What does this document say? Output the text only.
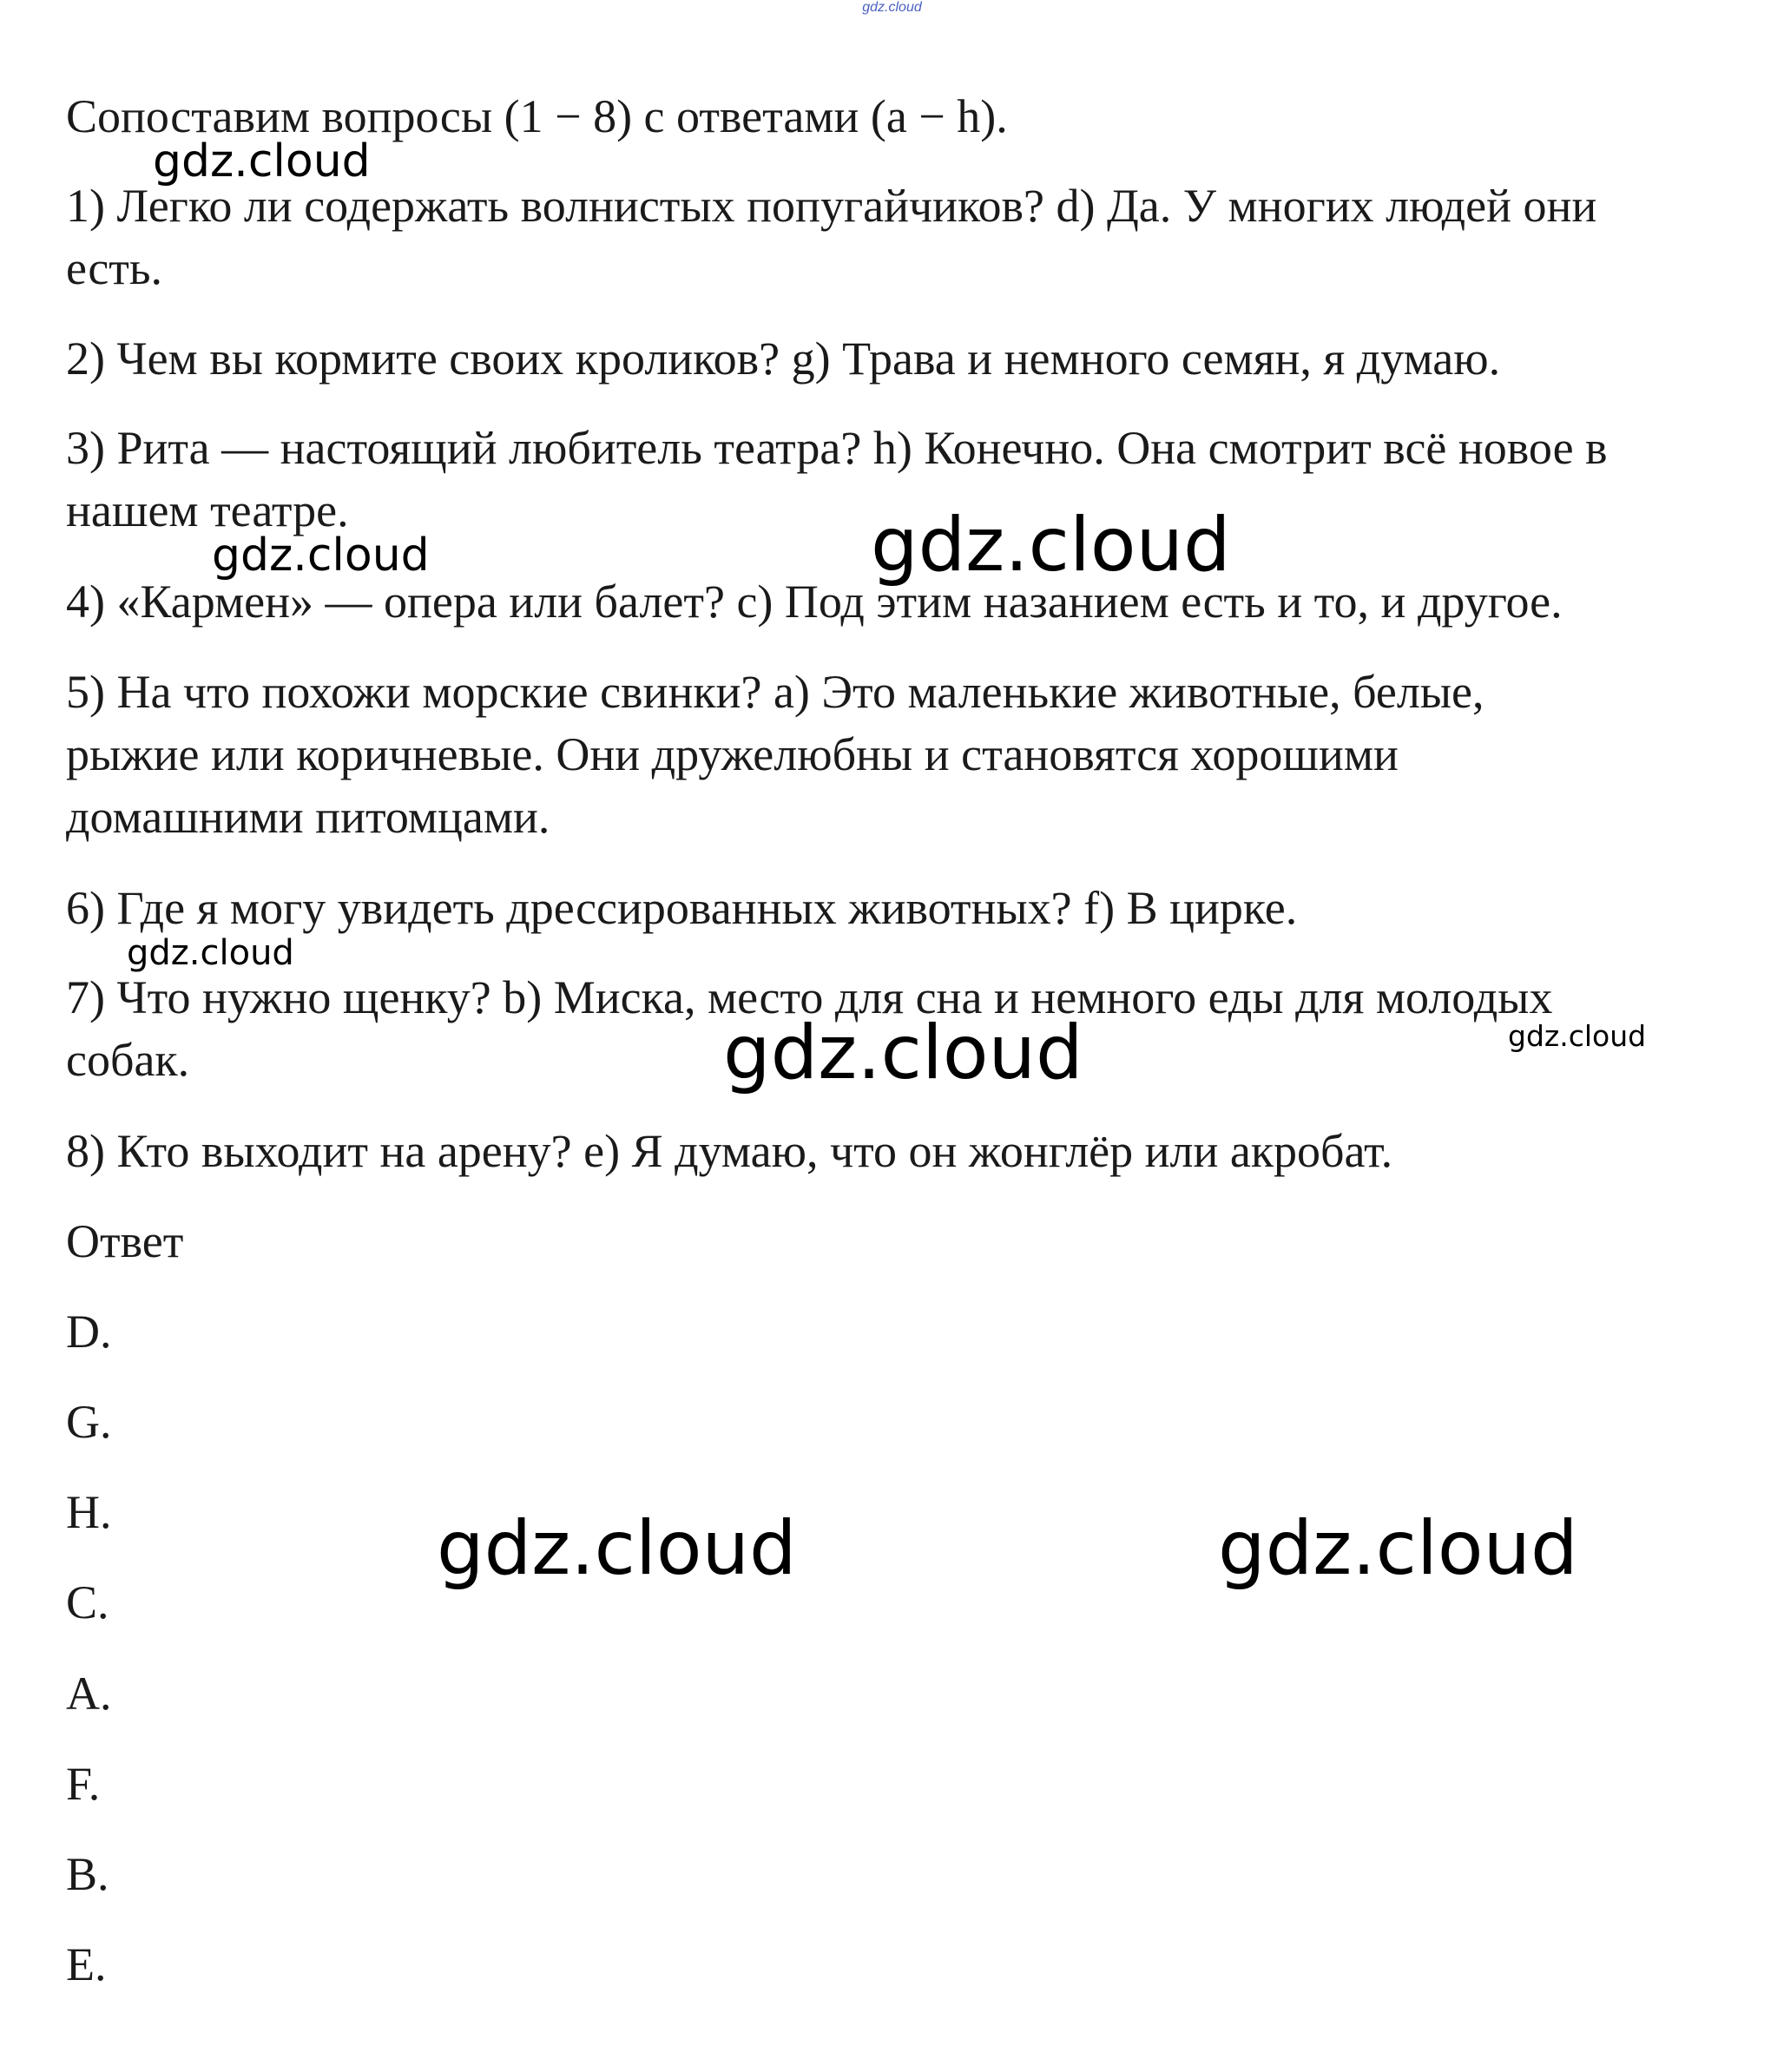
gdz.cloud
Сопоставим вопросы (1 − 8) с ответами (a − h).
1) Легко ли содержать волнистых попугайчиков? d) Да. У многих людей они
есть.
2) Чем вы кормите своих кроликов? g) Трава и немного семян, я думаю.
3) Рита — настоящий любитель театра? h) Конечно. Она смотрит всё новое в
нашем театре.
4) «Кармен» — опера или балет? c) Под этим назанием есть и то, и другое.
5) На что похожи морские свинки? a) Это маленькие животные, белые,
рыжие или коричневые. Они дружелюбны и становятся хорошими
домашними питомцами.
6) Где я могу увидеть дрессированных животных? f) В цирке.
7) Что нужно щенку? b) Миска, место для сна и немного еды для молодых
собак.
8) Кто выходит на арену? e) Я думаю, что он жонглёр или акробат.
Ответ
D.
G.
H.
C.
A.
F.
B.
E.
gdz.cloud
gdz.cloud	gdz.cloud
gdz.cloud
gdz.cloud	gdz.cloud
gdz.cloud	gdz.cloud
